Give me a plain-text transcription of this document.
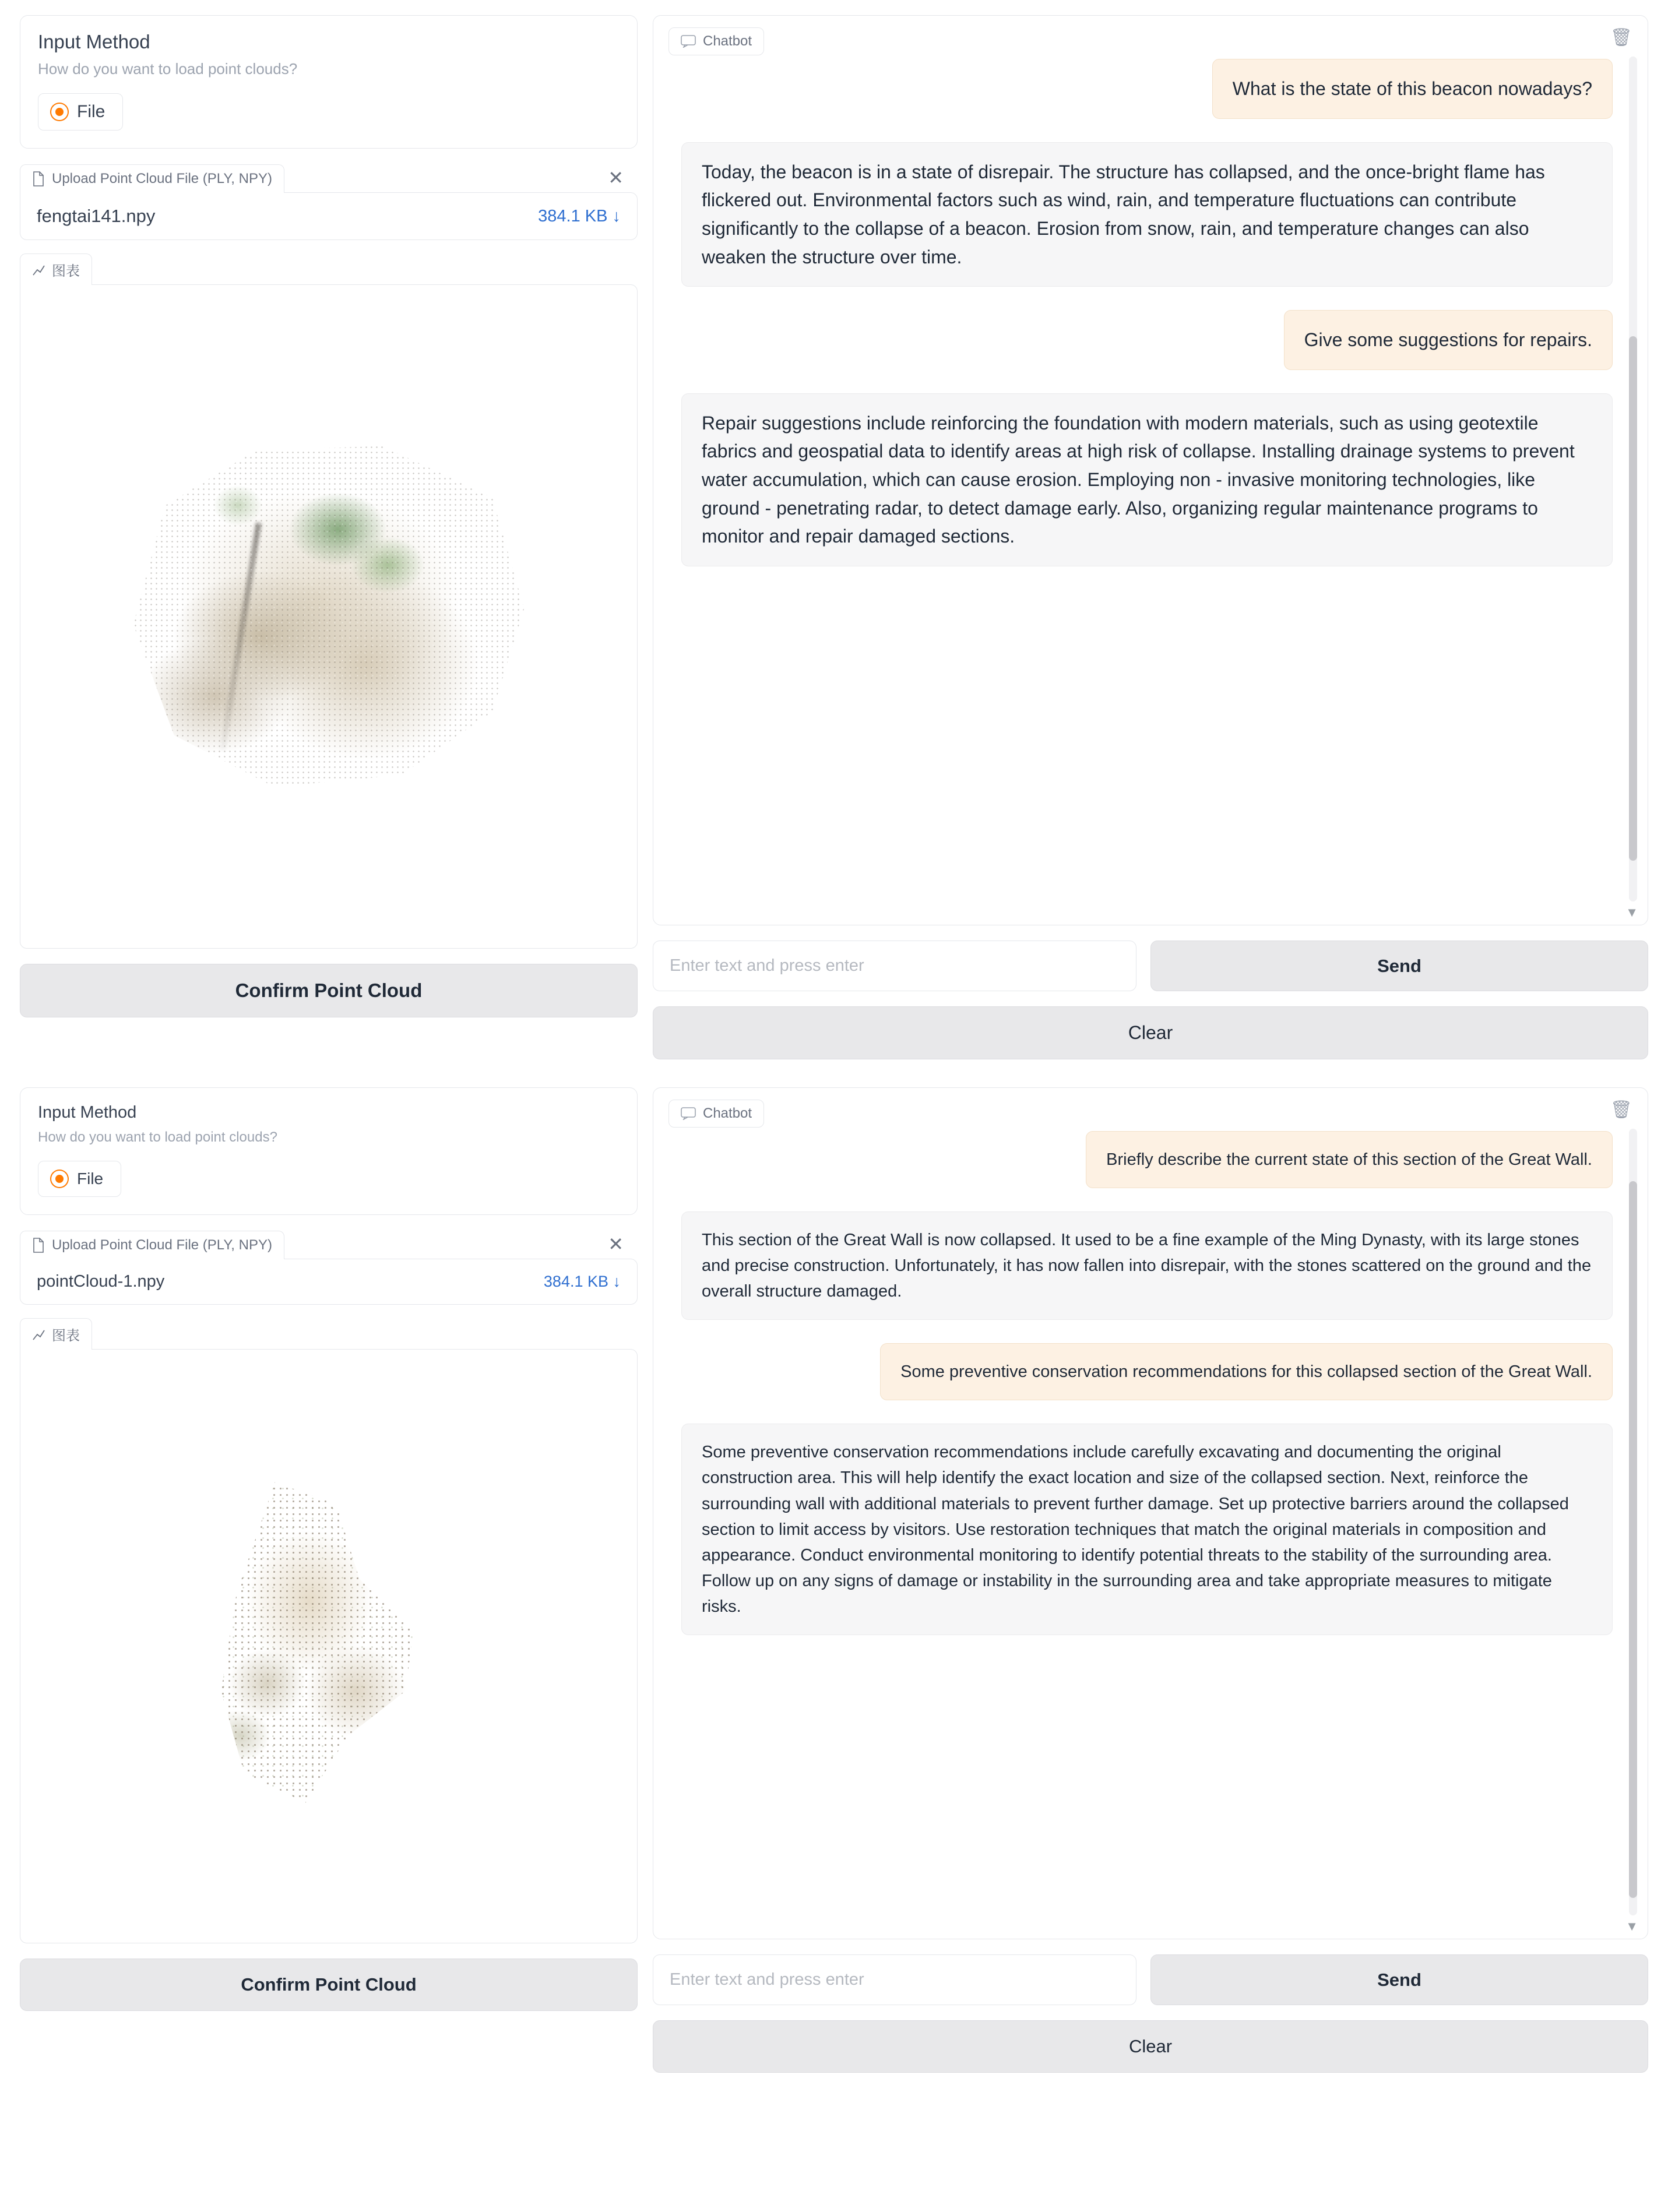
Input Method
How do you want to load point clouds?
File
Upload Point Cloud File (PLY, NPY)	✕
fengtai141.npy	384.1 KB ↓
图表
Confirm Point Cloud
Chatbot	🗑
What is the state of this beacon nowadays?
Today, the beacon is in a state of disrepair. The structure has collapsed, and the once-bright flame has flickered out. Environmental factors such as wind, rain, and temperature fluctuations can contribute significantly to the collapse of a beacon. Erosion from snow, rain, and temperature changes can also weaken the structure over time.
Give some suggestions for repairs.
Repair suggestions include reinforcing the foundation with modern materials, such as using geotextile fabrics and geospatial data to identify areas at high risk of collapse. Installing drainage systems to prevent water accumulation, which can cause erosion. Employing non - invasive monitoring technologies, like ground - penetrating radar, to detect damage early. Also, organizing regular maintenance programs to monitor and repair damaged sections.
▼
Enter text and press enter	Send
Clear
Input Method
How do you want to load point clouds?
File
Upload Point Cloud File (PLY, NPY)	✕
pointCloud-1.npy	384.1 KB ↓
图表
Confirm Point Cloud
Chatbot	🗑
Briefly describe the current state of this section of the Great Wall.
This section of the Great Wall is now collapsed. It used to be a fine example of the Ming Dynasty, with its large stones and precise construction. Unfortunately, it has now fallen into disrepair, with the stones scattered on the ground and the overall structure damaged.
Some preventive conservation recommendations for this collapsed section of the Great Wall.
Some preventive conservation recommendations include carefully excavating and documenting the original construction area. This will help identify the exact location and size of the collapsed section. Next, reinforce the surrounding wall with additional materials to prevent further damage. Set up protective barriers around the collapsed section to limit access by visitors. Use restoration techniques that match the original materials in composition and appearance. Conduct environmental monitoring to identify potential threats to the stability of the surrounding area. Follow up on any signs of damage or instability in the surrounding area and take appropriate measures to mitigate risks.
▼
Enter text and press enter	Send
Clear
